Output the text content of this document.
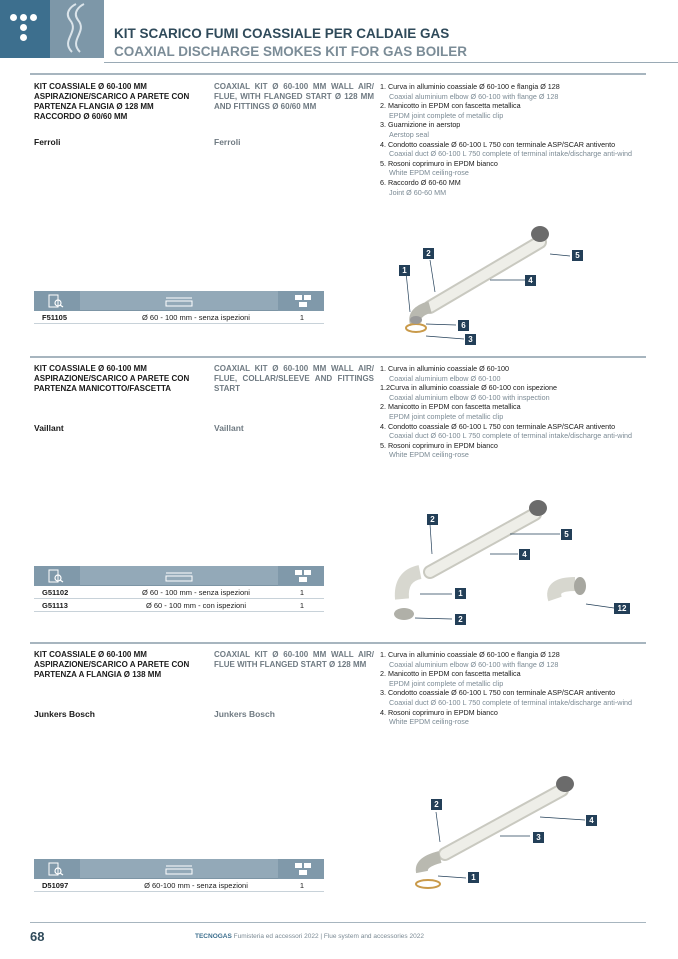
KIT SCARICO FUMI COASSIALE PER CALDAIE GAS
COAXIAL DISCHARGE SMOKES KIT FOR GAS BOILER
KIT COASSIALE Ø 60-100 MM ASPIRAZIONE/SCARICO A PARETE CON PARTENZA FLANGIA Ø 128 MM RACCORDO Ø 60/60 MM
COAXIAL KIT Ø 60-100 MM WALL AIR/ FLUE, WITH FLANGED START Ø 128 MM AND FITTINGS Ø 60/60 MM
Ferroli	Ferroli
1. Curva in alluminio coassiale Ø 60-100 e flangia Ø 128
Coaxial aluminium elbow Ø 60-100 with flange Ø 128
2. Manicotto in EPDM con fascetta metallica
EPDM joint complete of metallic clip
3. Guarnizione in aerstop
Aerstop seal
4. Condotto coassiale Ø 60-100 L 750 con terminale ASP/SCAR antivento
Coaxial duct Ø 60-100 L 750 complete of terminal intake/discharge anti-wind
5. Rosoni coprimuro in EPDM bianco
White EPDM ceiling-rose
6. Raccordo Ø 60-60 MM
Joint Ø 60-60 MM
1
2
4
5
6
3
F51105	Ø 60 - 100 mm - senza ispezioni	1
KIT COASSIALE Ø 60-100 MM ASPIRAZIONE/SCARICO A PARETE CON PARTENZA MANICOTTO/FASCETTA
COAXIAL KIT Ø 60-100 MM WALL AIR/ FLUE, COLLAR/SLEEVE AND FITTINGS START
Vaillant	Vaillant
1. Curva in alluminio coassiale Ø 60-100
Coaxial aluminium elbow Ø 60-100
1.2Curva in alluminio coassiale Ø 60-100 con ispezione
Coaxial aluminium elbow Ø 60-100 with inspection
2. Manicotto in EPDM con fascetta metallica
EPDM joint complete of metallic clip
4. Condotto coassiale Ø 60-100 L 750 con terminale ASP/SCAR antivento
Coaxial duct Ø 60-100 L 750 complete of terminal intake/discharge anti-wind
5. Rosoni coprimuro in EPDM bianco
White EPDM ceiling-rose
2
5
4
1
2
12
G51102	Ø 60 - 100 mm - senza ispezioni	1
G51113	Ø 60 - 100 mm - con ispezioni	1
KIT COASSIALE Ø 60-100 MM ASPIRAZIONE/SCARICO A PARETE CON PARTENZA A FLANGIA Ø 138 MM
COAXIAL KIT Ø 60-100 MM WALL AIR/ FLUE WITH FLANGED START Ø 128 MM
Junkers Bosch	Junkers Bosch
1. Curva in alluminio coassiale Ø 60-100 e flangia Ø 128
Coaxial aluminium elbow Ø 60-100 with flange Ø 128
2. Manicotto in EPDM con fascetta metallica
EPDM joint complete of metallic clip
3. Condotto coassiale Ø 60-100 L 750 con terminale ASP/SCAR antivento
Coaxial duct Ø 60-100 L 750 complete of terminal intake/discharge anti-wind
4. Rosoni coprimuro in EPDM bianco
White EPDM ceiling-rose
2
4
3
1
D51097	Ø 60-100 mm - senza ispezioni	1
68	TECNOGAS Fumisteria ed accessori 2022 | Flue system and accessories 2022
